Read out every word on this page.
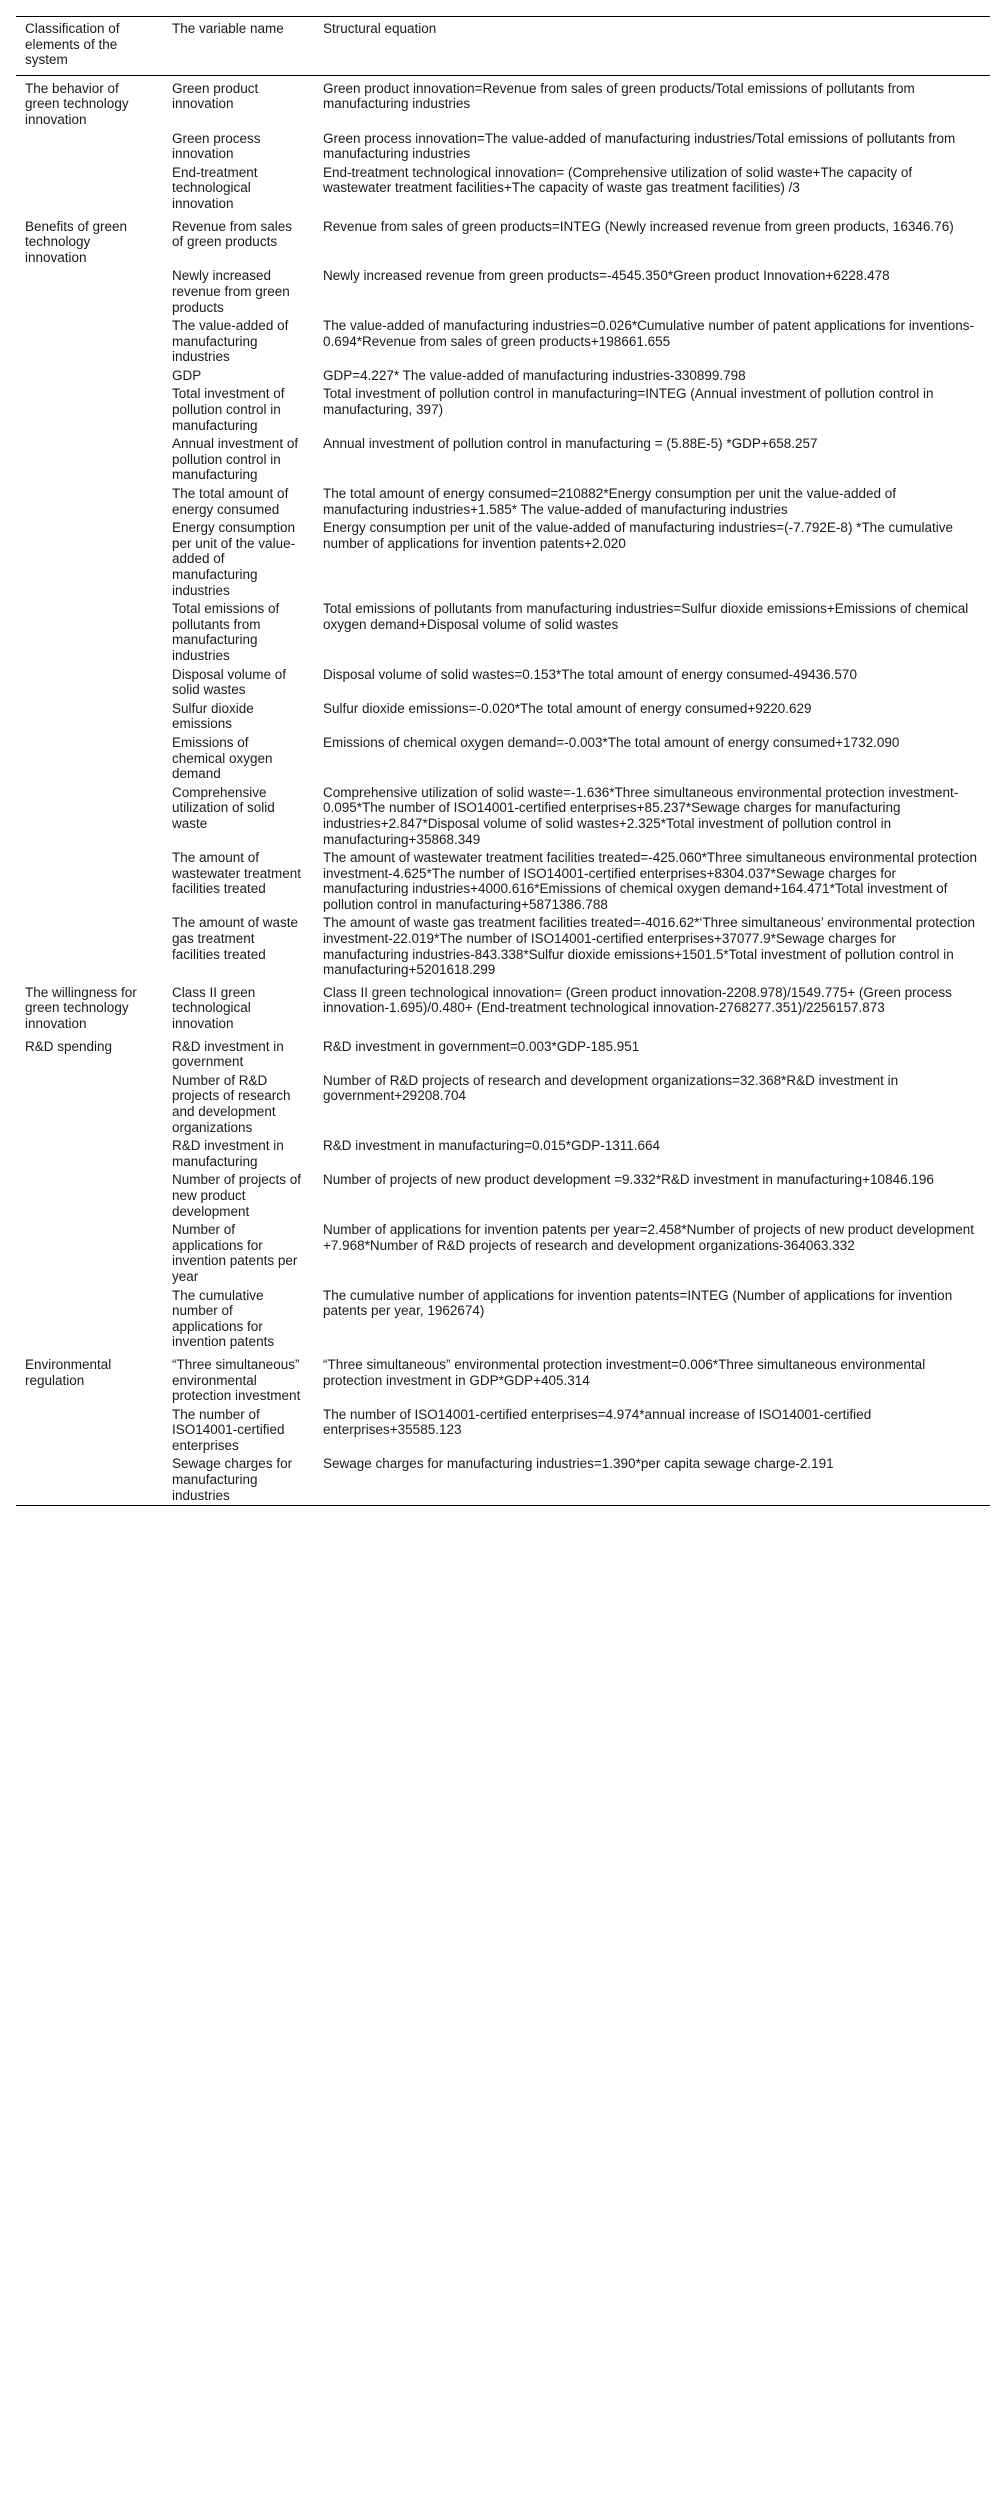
Classification of elements of the system	The variable name	Structural equation
The behavior of green technology innovation	Green product innovation	Green product innovation=Revenue from sales of green products/Total emissions of pollutants from manufacturing industries
	Green process innovation	Green process innovation=The value-added of manufacturing industries/Total emissions of pollutants from manufacturing industries
	End-treatment technological innovation	End-treatment technological innovation= (Comprehensive utilization of solid waste+The capacity of wastewater treatment facilities+The capacity of waste gas treatment facilities) /3
Benefits of green technology innovation	Revenue from sales of green products	Revenue from sales of green products=INTEG (Newly increased revenue from green products, 16346.76)
	Newly increased revenue from green products	Newly increased revenue from green products=-4545.350*Green product Innovation+6228.478
	The value-added of manufacturing industries	The value-added of manufacturing industries=0.026*Cumulative number of patent applications for inventions-0.694*Revenue from sales of green products+198661.655
	GDP	GDP=4.227* The value-added of manufacturing industries-330899.798
	Total investment of pollution control in manufacturing	Total investment of pollution control in manufacturing=INTEG (Annual investment of pollution control in manufacturing, 397)
	Annual investment of pollution control in manufacturing	Annual investment of pollution control in manufacturing = (5.88E-5) *GDP+658.257
	The total amount of energy consumed	The total amount of energy consumed=210882*Energy consumption per unit the value-added of manufacturing industries+1.585* The value-added of manufacturing industries
	Energy consumption per unit of the value-added of manufacturing industries	Energy consumption per unit of the value-added of manufacturing industries=(-7.792E-8) *The cumulative number of applications for invention patents+2.020
	Total emissions of pollutants from manufacturing industries	Total emissions of pollutants from manufacturing industries=Sulfur dioxide emissions+Emissions of chemical oxygen demand+Disposal volume of solid wastes
	Disposal volume of solid wastes	Disposal volume of solid wastes=0.153*The total amount of energy consumed-49436.570
	Sulfur dioxide emissions	Sulfur dioxide emissions=-0.020*The total amount of energy consumed+9220.629
	Emissions of chemical oxygen demand	Emissions of chemical oxygen demand=-0.003*The total amount of energy consumed+1732.090
	Comprehensive utilization of solid waste	Comprehensive utilization of solid waste=-1.636*Three simultaneous environmental protection investment-0.095*The number of ISO14001-certified enterprises+85.237*Sewage charges for manufacturing industries+2.847*Disposal volume of solid wastes+2.325*Total investment of pollution control in manufacturing+35868.349
	The amount of wastewater treatment facilities treated	The amount of wastewater treatment facilities treated=-425.060*Three simultaneous environmental protection investment-4.625*The number of ISO14001-certified enterprises+8304.037*Sewage charges for manufacturing industries+4000.616*Emissions of chemical oxygen demand+164.471*Total investment of pollution control in manufacturing+5871386.788
	The amount of waste gas treatment facilities treated	The amount of waste gas treatment facilities treated=-4016.62*‘Three simultaneous’ environmental protection investment-22.019*The number of ISO14001-certified enterprises+37077.9*Sewage charges for manufacturing industries-843.338*Sulfur dioxide emissions+1501.5*Total investment of pollution control in manufacturing+5201618.299
The willingness for green technology innovation	Class II green technological innovation	Class II green technological innovation= (Green product innovation-2208.978)/1549.775+ (Green process innovation-1.695)/0.480+ (End-treatment technological innovation-2768277.351)/2256157.873
R&D spending	R&D investment in government	R&D investment in government=0.003*GDP-185.951
	Number of R&D projects of research and development organizations	Number of R&D projects of research and development organizations=32.368*R&D investment in government+29208.704
	R&D investment in manufacturing	R&D investment in manufacturing=0.015*GDP-1311.664
	Number of projects of new product development	Number of projects of new product development =9.332*R&D investment in manufacturing+10846.196
	Number of applications for invention patents per year	Number of applications for invention patents per year=2.458*Number of projects of new product development +7.968*Number of R&D projects of research and development organizations-364063.332
	The cumulative number of applications for invention patents	The cumulative number of applications for invention patents=INTEG (Number of applications for invention patents per year, 1962674)
Environmental regulation	“Three simultaneous” environmental protection investment	“Three simultaneous” environmental protection investment=0.006*Three simultaneous environmental protection investment in GDP*GDP+405.314
	The number of ISO14001-certified enterprises	The number of ISO14001-certified enterprises=4.974*annual increase of ISO14001-certified enterprises+35585.123
	Sewage charges for manufacturing industries	Sewage charges for manufacturing industries=1.390*per capita sewage charge-2.191
